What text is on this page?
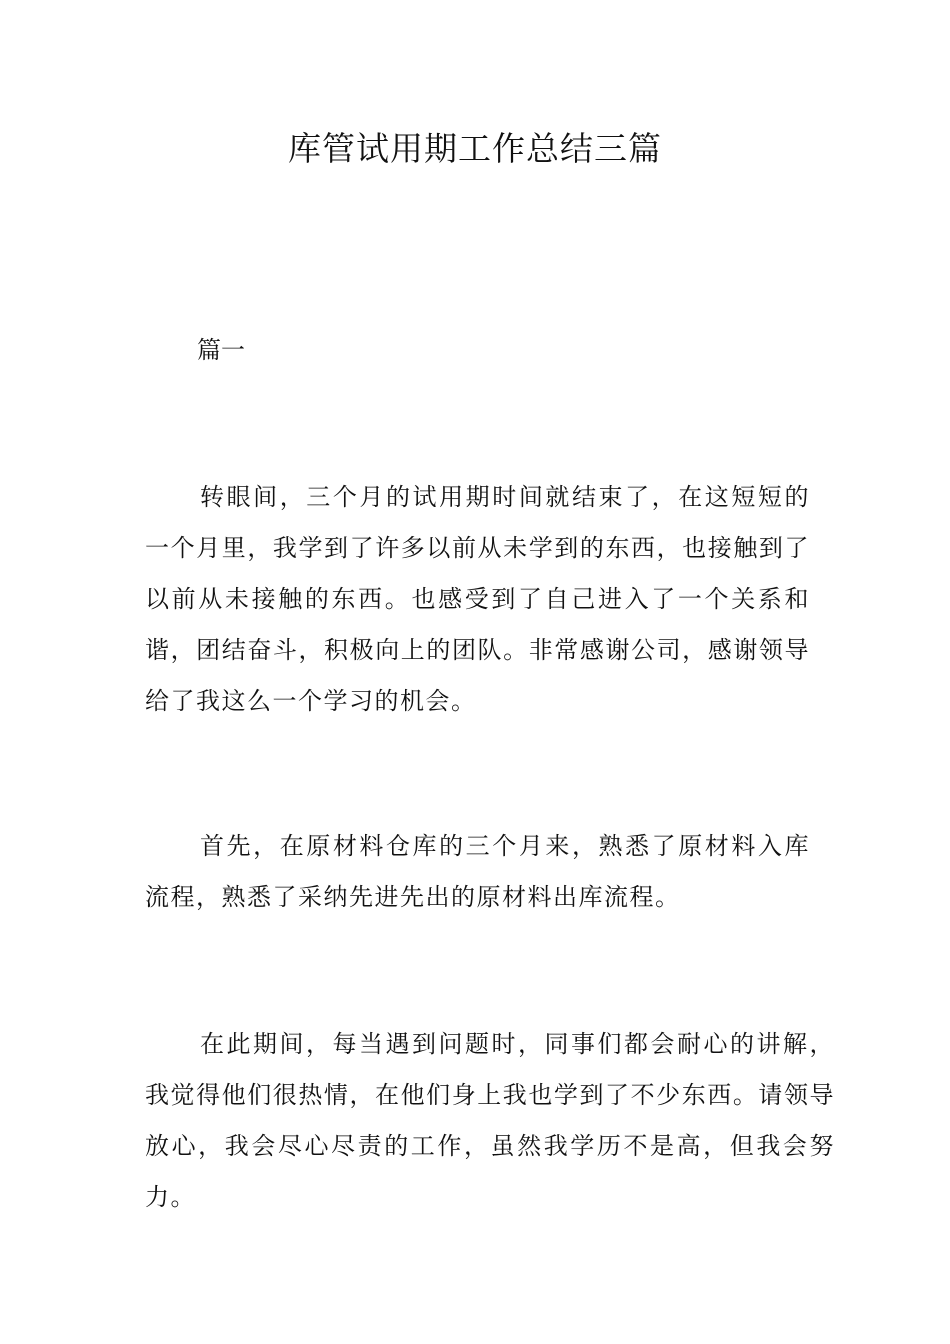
库管试用期工作总结三篇

篇一

转眼间，三个月的试用期时间就结束了，在这短短的一个月里，我学到了许多以前从未学到的东西，也接触到了以前从未接触的东西。也感受到了自己进入了一个关系和谐，团结奋斗，积极向上的团队。非常感谢公司，感谢领导给了我这么一个学习的机会。

首先，在原材料仓库的三个月来，熟悉了原材料入库流程，熟悉了采纳先进先出的原材料出库流程。

在此期间，每当遇到问题时，同事们都会耐心的讲解，我觉得他们很热情，在他们身上我也学到了不少东西。请领导放心，我会尽心尽责的工作，虽然我学历不是高，但我会努力。
